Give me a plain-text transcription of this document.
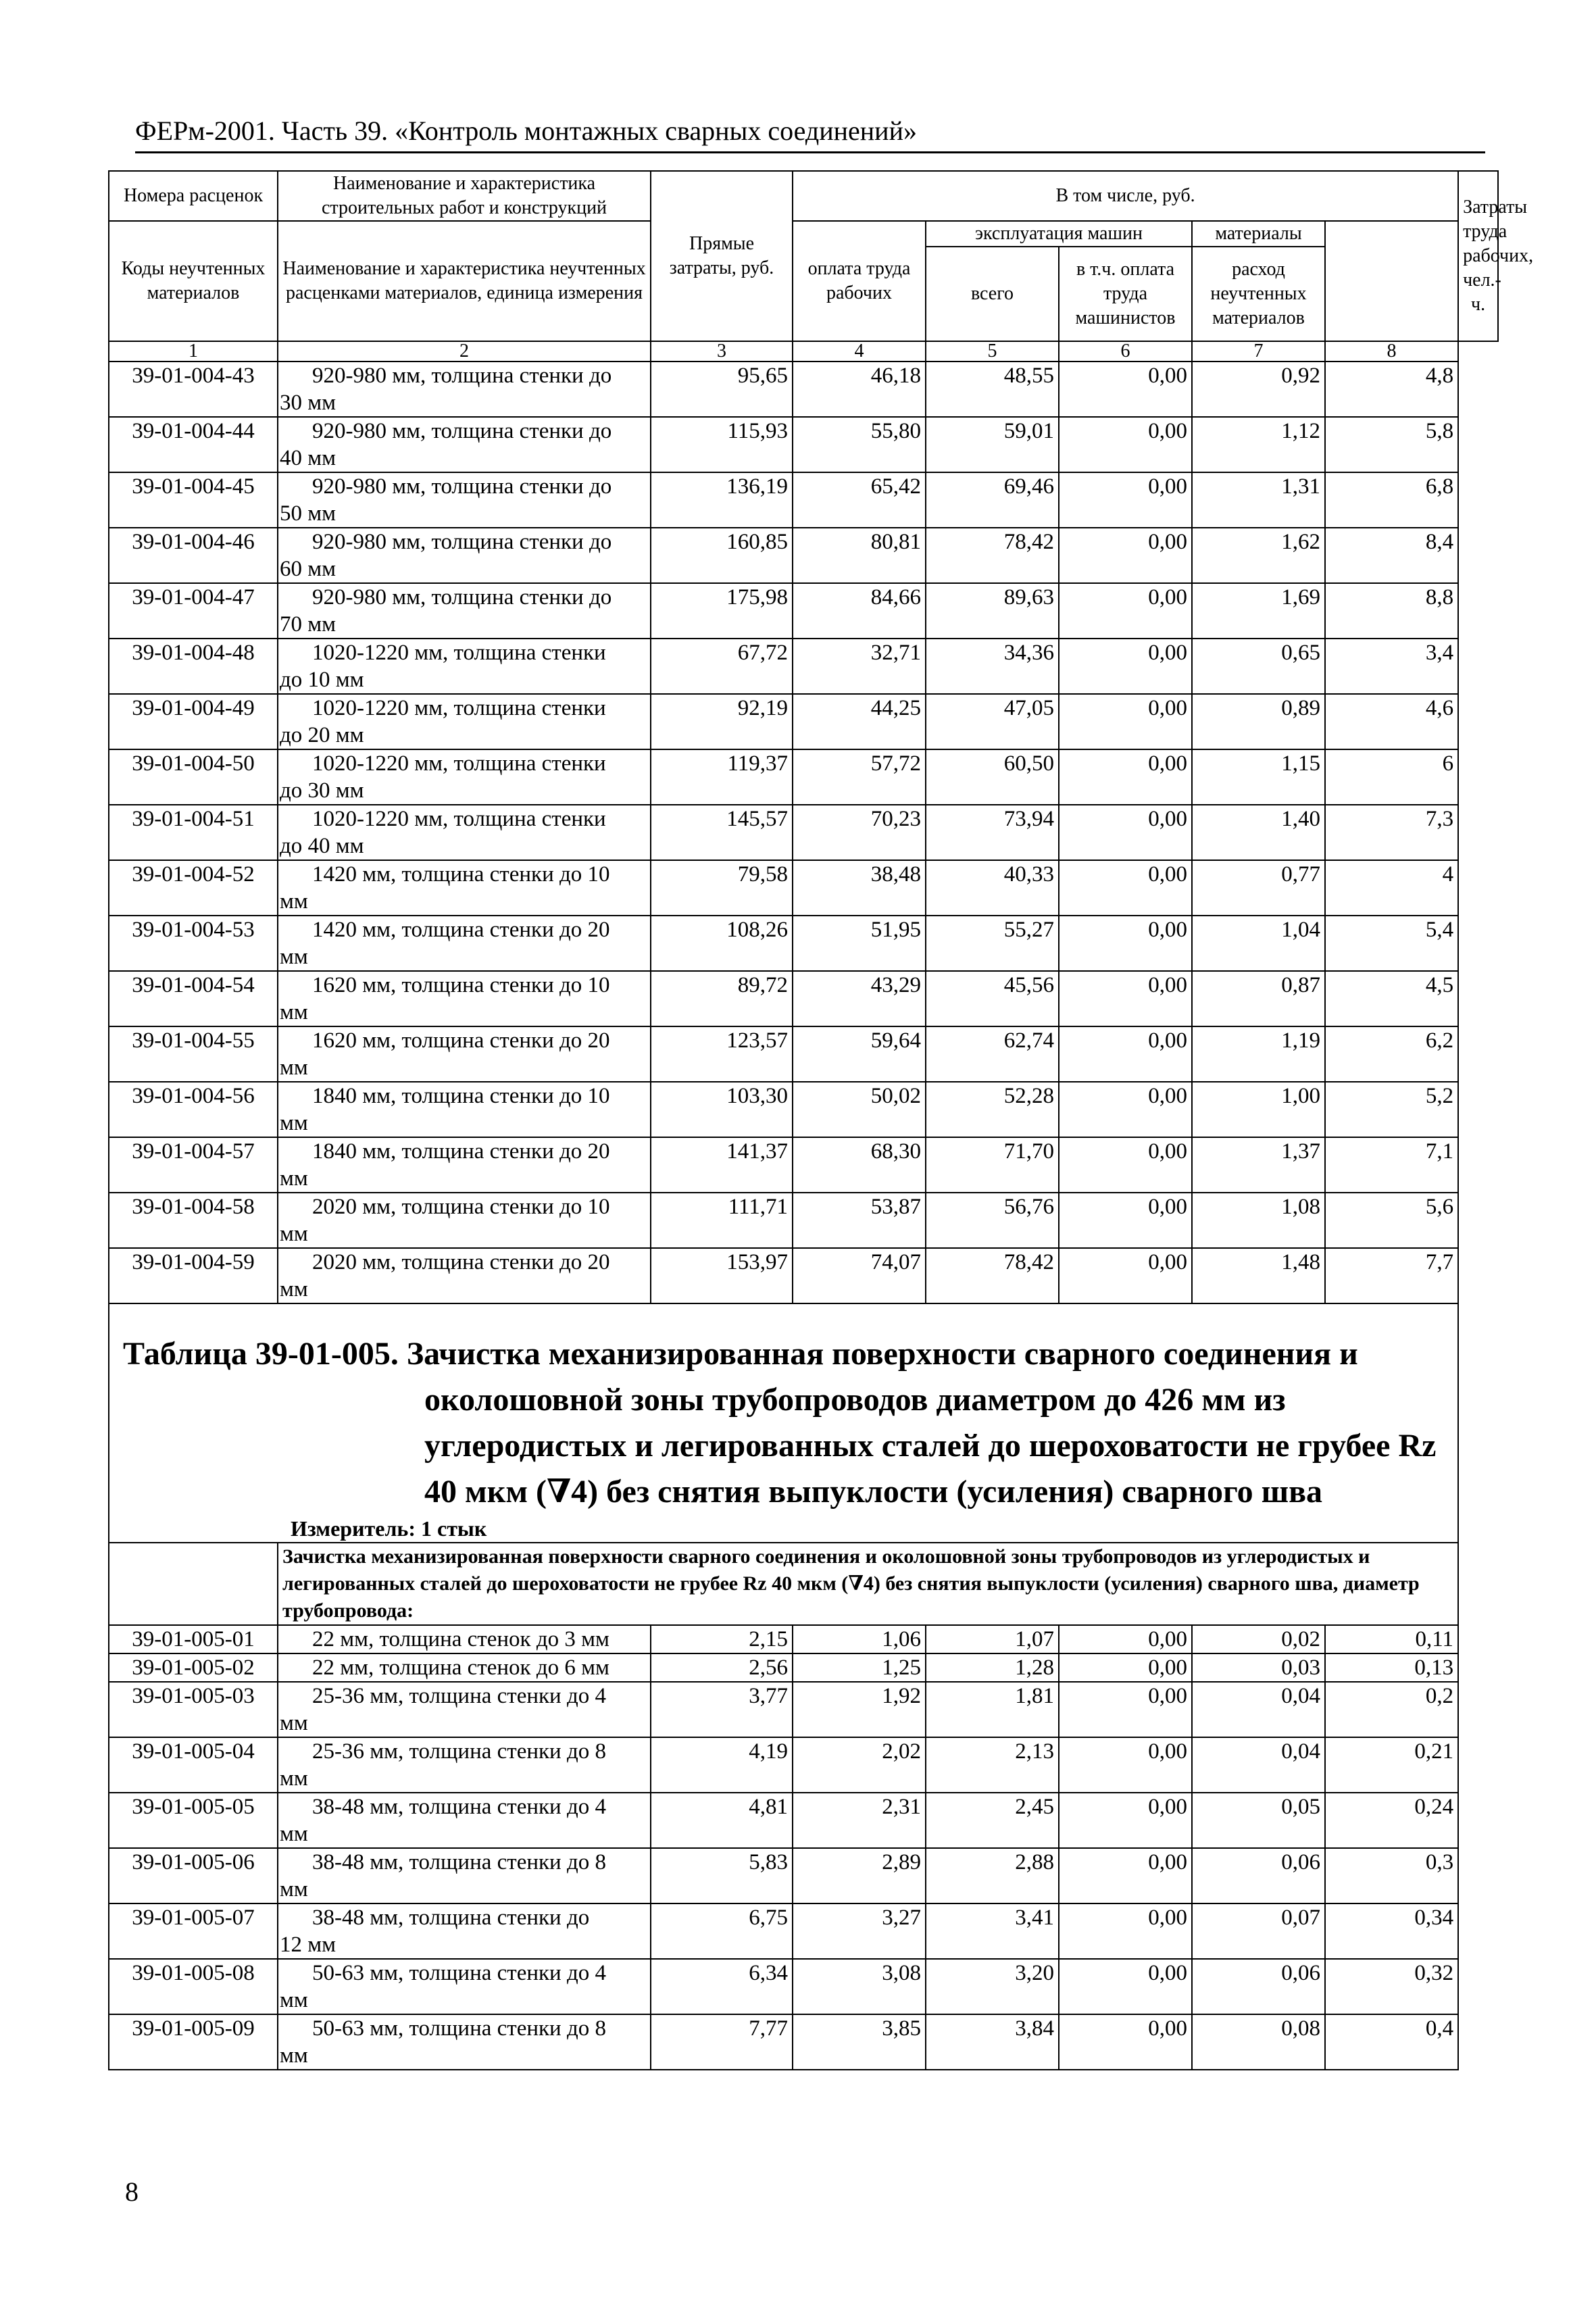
ФЕРм-2001. Часть 39. «Контроль монтажных сварных соединений»
Номера расценок	Наименование и характеристика строительных работ и конструкций	Прямые затраты, руб.	В том числе, руб.					Затраты труда рабочих, чел.-ч.
Коды неучтенных материалов	Наименование и характеристика неучтенных расценками материалов, единица измерения		оплата труда рабочих	эксплуатация машин		материалы		
				всего	в т.ч. оплата труда машинистов	расход неучтенных материалов		

1	2	3	4	5	6	7	8	
39-01-004-43	920-980 мм, толщина стенки до
30 мм	95,65	46,18	48,55	0,00	0,92	4,8	
39-01-004-44	920-980 мм, толщина стенки до
40 мм	115,93	55,80	59,01	0,00	1,12	5,8	
39-01-004-45	920-980 мм, толщина стенки до
50 мм	136,19	65,42	69,46	0,00	1,31	6,8	
39-01-004-46	920-980 мм, толщина стенки до
60 мм	160,85	80,81	78,42	0,00	1,62	8,4	
39-01-004-47	920-980 мм, толщина стенки до
70 мм	175,98	84,66	89,63	0,00	1,69	8,8	
39-01-004-48	1020-1220 мм, толщина стенки
до 10 мм	67,72	32,71	34,36	0,00	0,65	3,4	
39-01-004-49	1020-1220 мм, толщина стенки
до 20 мм	92,19	44,25	47,05	0,00	0,89	4,6	
39-01-004-50	1020-1220 мм, толщина стенки
до 30 мм	119,37	57,72	60,50	0,00	1,15	6	
39-01-004-51	1020-1220 мм, толщина стенки
до 40 мм	145,57	70,23	73,94	0,00	1,40	7,3	
39-01-004-52	1420 мм, толщина стенки до 10
мм	79,58	38,48	40,33	0,00	0,77	4	
39-01-004-53	1420 мм, толщина стенки до 20
мм	108,26	51,95	55,27	0,00	1,04	5,4	
39-01-004-54	1620 мм, толщина стенки до 10
мм	89,72	43,29	45,56	0,00	0,87	4,5	
39-01-004-55	1620 мм, толщина стенки до 20
мм	123,57	59,64	62,74	0,00	1,19	6,2	
39-01-004-56	1840 мм, толщина стенки до 10
мм	103,30	50,02	52,28	0,00	1,00	5,2	
39-01-004-57	1840 мм, толщина стенки до 20
мм	141,37	68,30	71,70	0,00	1,37	7,1	
39-01-004-58	2020 мм, толщина стенки до 10
мм	111,71	53,87	56,76	0,00	1,08	5,6	
39-01-004-59	2020 мм, толщина стенки до 20
мм	153,97	74,07	78,42	0,00	1,48	7,7	

Таблица 39-01-005. Зачистка механизированная поверхности сварного соединения и
околошовной зоны трубопроводов диаметром до 426 мм из
углеродистых и легированных сталей до шероховатости не грубее Rz
40 мкм (∇4) без снятия выпуклости (усиления) сварного шва
Измеритель: 1 стык								

	Зачистка механизированная поверхности сварного соединения и околошовной зоны трубопроводов из углеродистых и легированных сталей до шероховатости не грубее Rz 40 мкм (∇4) без снятия выпуклости (усиления) сварного шва, диаметр трубопровода:							
39-01-005-01	22 мм, толщина стенок до 3 мм	2,15	1,06	1,07	0,00	0,02	0,11	
39-01-005-02	22 мм, толщина стенок до 6 мм	2,56	1,25	1,28	0,00	0,03	0,13	
39-01-005-03	25-36 мм, толщина стенки до 4
мм	3,77	1,92	1,81	0,00	0,04	0,2	
39-01-005-04	25-36 мм, толщина стенки до 8
мм	4,19	2,02	2,13	0,00	0,04	0,21	
39-01-005-05	38-48 мм, толщина стенки до 4
мм	4,81	2,31	2,45	0,00	0,05	0,24	
39-01-005-06	38-48 мм, толщина стенки до 8
мм	5,83	2,89	2,88	0,00	0,06	0,3	
39-01-005-07	38-48 мм, толщина стенки до
12 мм	6,75	3,27	3,41	0,00	0,07	0,34	
39-01-005-08	50-63 мм, толщина стенки до 4
мм	6,34	3,08	3,20	0,00	0,06	0,32	
39-01-005-09	50-63 мм, толщина стенки до 8
мм	7,77	3,85	3,84	0,00	0,08	0,4	
8
